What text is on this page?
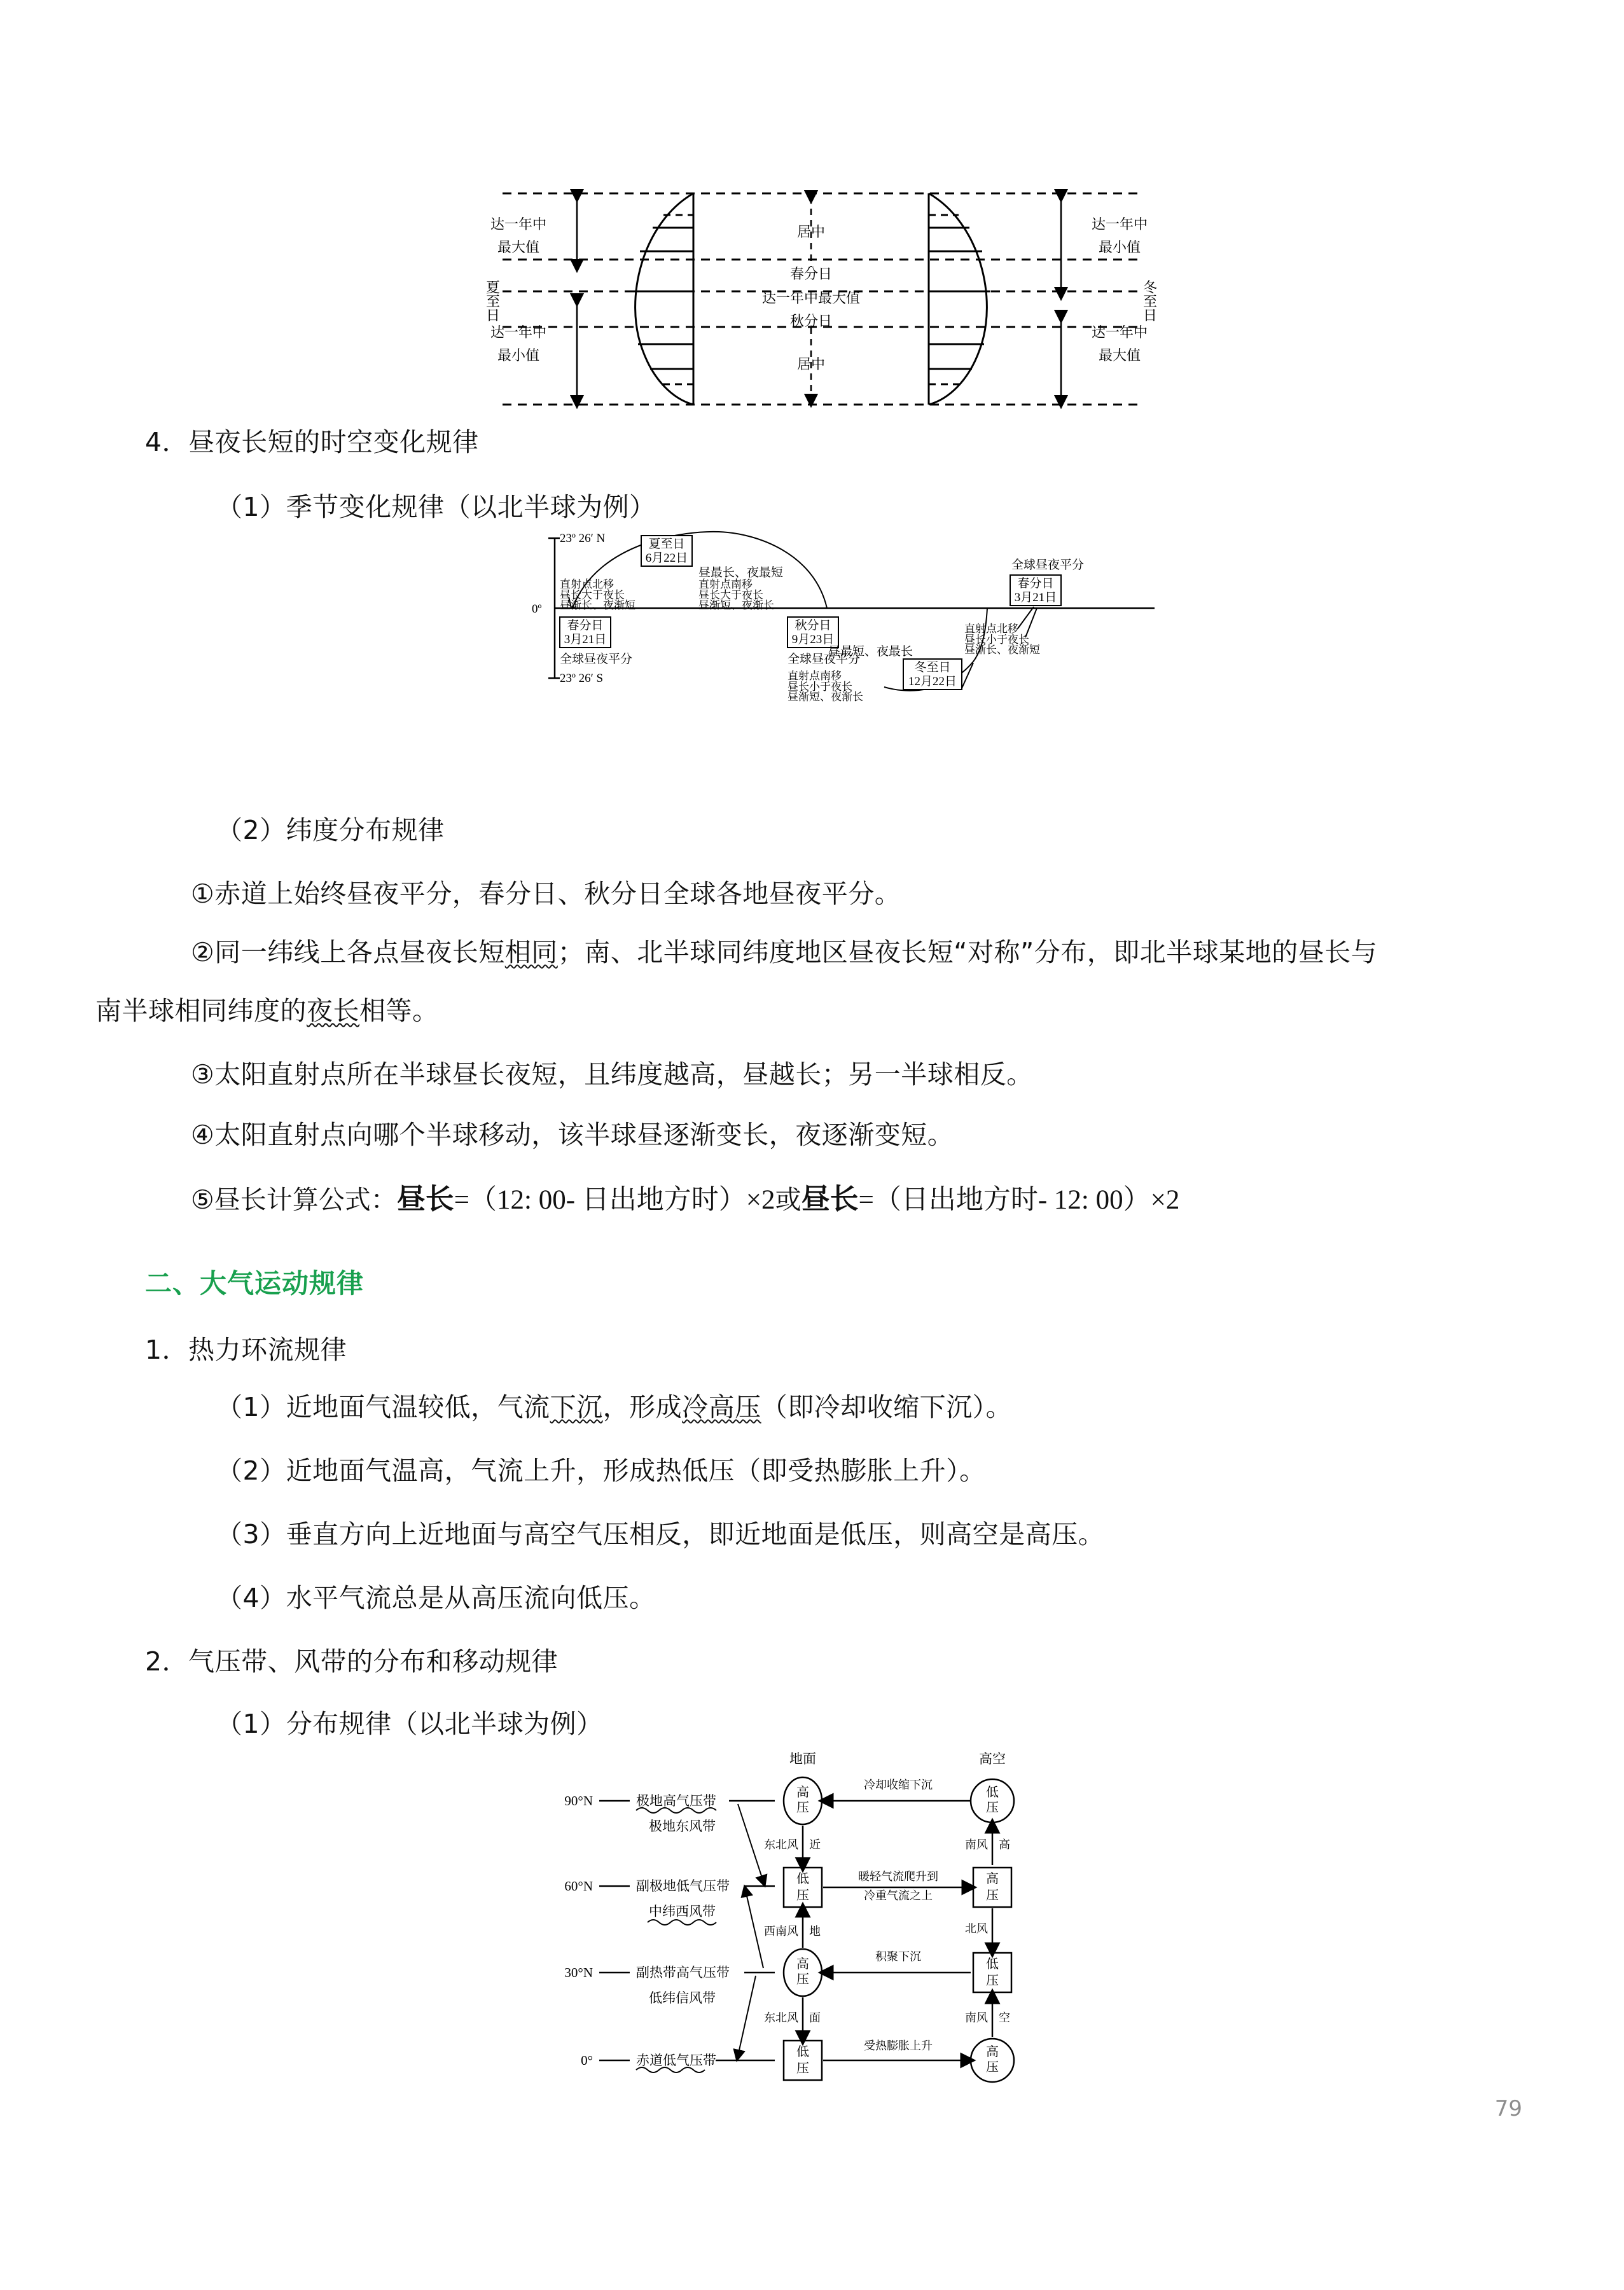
达一年中
最大值
达一年中
最小值
达一年中
最小值
达一年中
最大值
居中
春分日
达一年中最大值
秋分日
居中
夏至日	冬至日
23º 26′ N
0º
23º 26′ S
夏至日
6月22日
春分日
3月21日
秋分日
9月23日
冬至日
12月22日
春分日
3月21日
昼最长、夜最短
昼最短、夜最长
全球昼夜平分	全球昼夜平分
全球昼夜平分
直射点北移
昼长大于夜长
昼渐长、夜渐短
直射点南移
昼长大于夜长
昼渐短、夜渐长
直射点南移
昼长小于夜长
昼渐短、夜渐长
直射点北移
昼长小于夜长
昼渐长、夜渐短
地面	高空
90°N	极地高气压带
极地东风带
60°N	副极地低气压带
中纬西风带
30°N	副热带高气压带
低纬信风带
0°	赤道低气压带
高
压
低
压
高
压
低
压
低
压
高
压
低
压
高
压
冷却收缩下沉
暖轻气流爬升到
冷重气流之上
积聚下沉
受热膨胀上升
东北风 近
西南风 地
东北风 面
南风 高
北风
南风 空
4．昼夜长短的时空变化规律
（1）季节变化规律（以北半球为例）
（2）纬度分布规律
①赤道上始终昼夜平分，春分日、秋分日全球各地昼夜平分。
②同一纬线上各点昼夜长短相同；南、北半球同纬度地区昼夜长短“对称”分布，即北半球某地的昼长与
南半球相同纬度的夜长相等。
③太阳直射点所在半球昼长夜短，且纬度越高，昼越长；另一半球相反。
④太阳直射点向哪个半球移动，该半球昼逐渐变长，夜逐渐变短。
⑤昼长计算公式：昼长=（12: 00- 日出地方时）×2或昼长=（日出地方时- 12: 00）×2
二、大气运动规律
1．热力环流规律
（1）近地面气温较低，气流下沉，形成冷高压（即冷却收缩下沉）。
（2）近地面气温高，气流上升，形成热低压（即受热膨胀上升）。
（3）垂直方向上近地面与高空气压相反，即近地面是低压，则高空是高压。
（4）水平气流总是从高压流向低压。
2．气压带、风带的分布和移动规律
（1）分布规律（以北半球为例）
79
